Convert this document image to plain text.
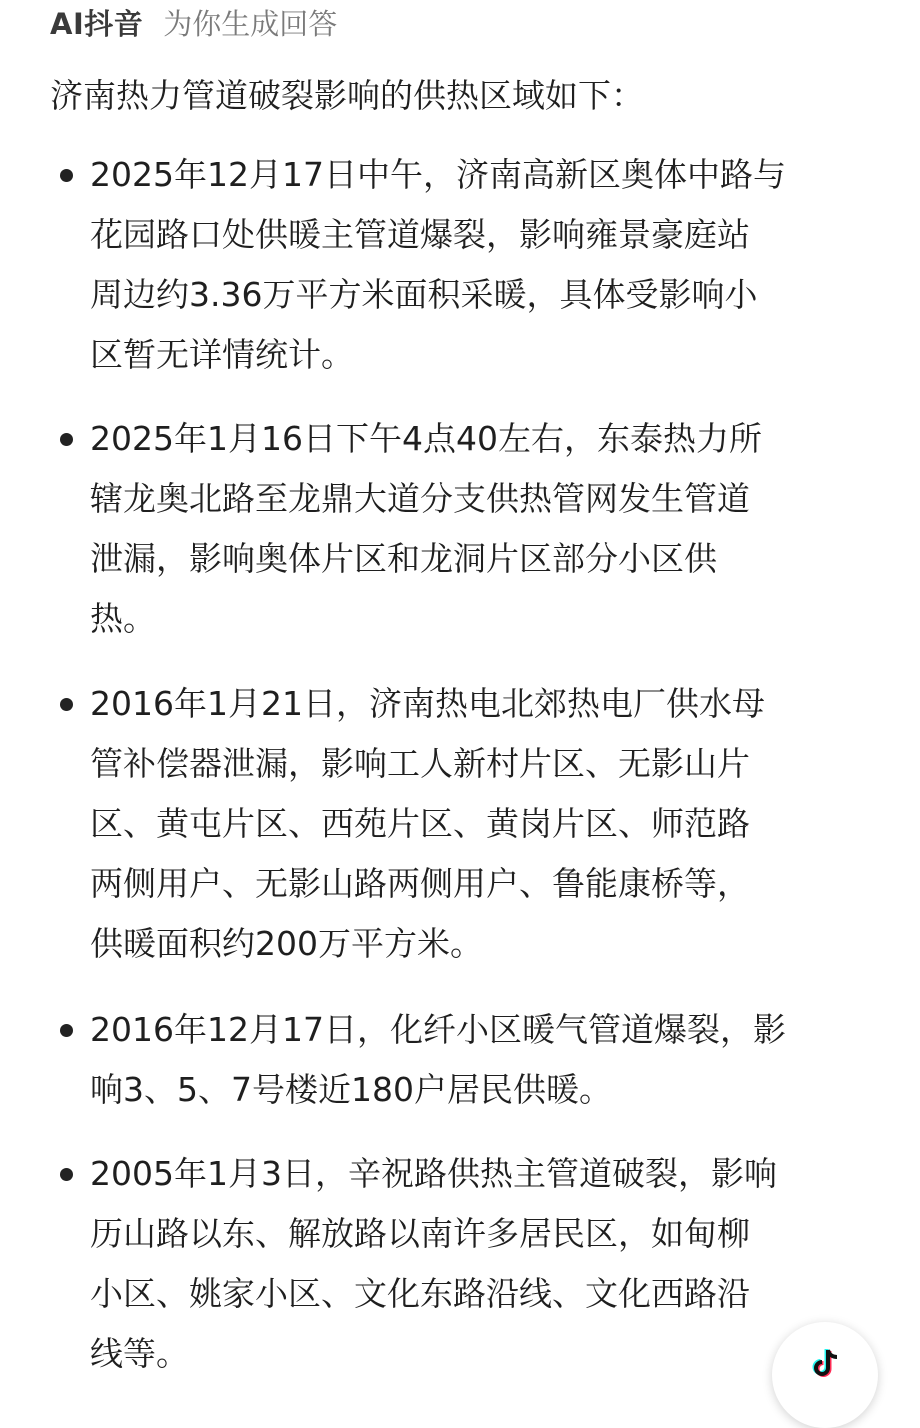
AI抖音 为你生成回答
济南热力管道破裂影响的供热区域如下：
2025年12月17日中午，济南高新区奥体中路与
花园路口处供暖主管道爆裂，影响雍景豪庭站
周边约3.36万平方米面积采暖，具体受影响小
区暂无详情统计。
2025年1月16日下午4点40左右，东泰热力所
辖龙奥北路至龙鼎大道分支供热管网发生管道
泄漏，影响奥体片区和龙洞片区部分小区供
热。
2016年1月21日，济南热电北郊热电厂供水母
管补偿器泄漏，影响工人新村片区、无影山片
区、黄屯片区、西苑片区、黄岗片区、师范路
两侧用户、无影山路两侧用户、鲁能康桥等，
供暖面积约200万平方米。
2016年12月17日，化纤小区暖气管道爆裂，影
响3、5、7号楼近180户居民供暖。
2005年1月3日，辛祝路供热主管道破裂，影响
历山路以东、解放路以南许多居民区，如甸柳
小区、姚家小区、文化东路沿线、文化西路沿
线等。
